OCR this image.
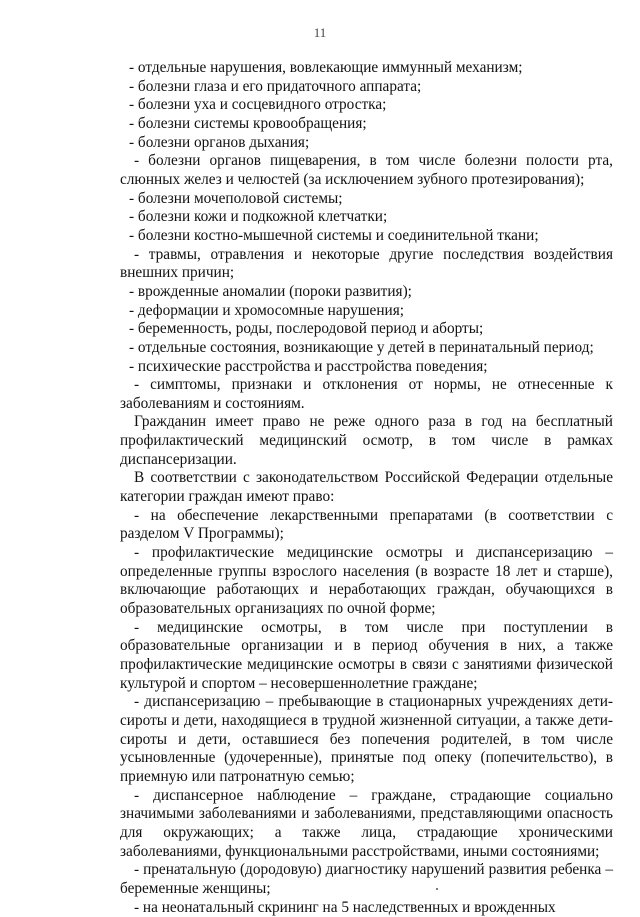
11

- отдельные нарушения, вовлекающие иммунный механизм;

- болезни глаза и его придаточного аппарата;

- болезни уха и сосцевидного отростка;

- болезни системы кровообращения;

- болезни органов дыхания;

- болезни органов пищеварения, в том числе болезни полости рта, слюнных желез и челюстей (за исключением зубного протезирования);

- болезни мочеполовой системы;

- болезни кожи и подкожной клетчатки;

- болезни костно-мышечной системы и соединительной ткани;

- травмы, отравления и некоторые другие последствия воздействия внешних причин;

- врожденные аномалии (пороки развития);

- деформации и хромосомные нарушения;

- беременность, роды, послеродовой период и аборты;

- отдельные состояния, возникающие у детей в перинатальный период;

- психические расстройства и расстройства поведения;

- симптомы, признаки и отклонения от нормы, не отнесенные к заболеваниям и состояниям.

Гражданин имеет право не реже одного раза в год на бесплатный профилактический медицинский осмотр, в том числе в рамках диспансеризации.

В соответствии с законодательством Российской Федерации отдельные категории граждан имеют право:

- на обеспечение лекарственными препаратами (в соответствии с разделом V Программы);

- профилактические медицинские осмотры и диспансеризацию – определенные группы взрослого населения (в возрасте 18 лет и старше), включающие работающих и неработающих граждан, обучающихся в образовательных организациях по очной форме;

- медицинские осмотры, в том числе при поступлении в образовательные организации и в период обучения в них, а также профилактические медицинские осмотры в связи с занятиями физической культурой и спортом – несовершеннолетние граждане;

- диспансеризацию – пребывающие в стационарных учреждениях дети-сироты и дети, находящиеся в трудной жизненной ситуации, а также дети-сироты и дети, оставшиеся без попечения родителей, в том числе усыновленные (удочеренные), принятые под опеку (попечительство), в приемную или патронатную семью;

- диспансерное наблюдение – граждане, страдающие социально значимыми заболеваниями и заболеваниями, представляющими опасность для окружающих; а также лица, страдающие хроническими заболеваниями, функциональными расстройствами, иными состояниями;

- пренатальную (дородовую) диагностику нарушений развития ребенка – беременные женщины;

- на неонатальный скрининг на 5 наследственных и врожденных
